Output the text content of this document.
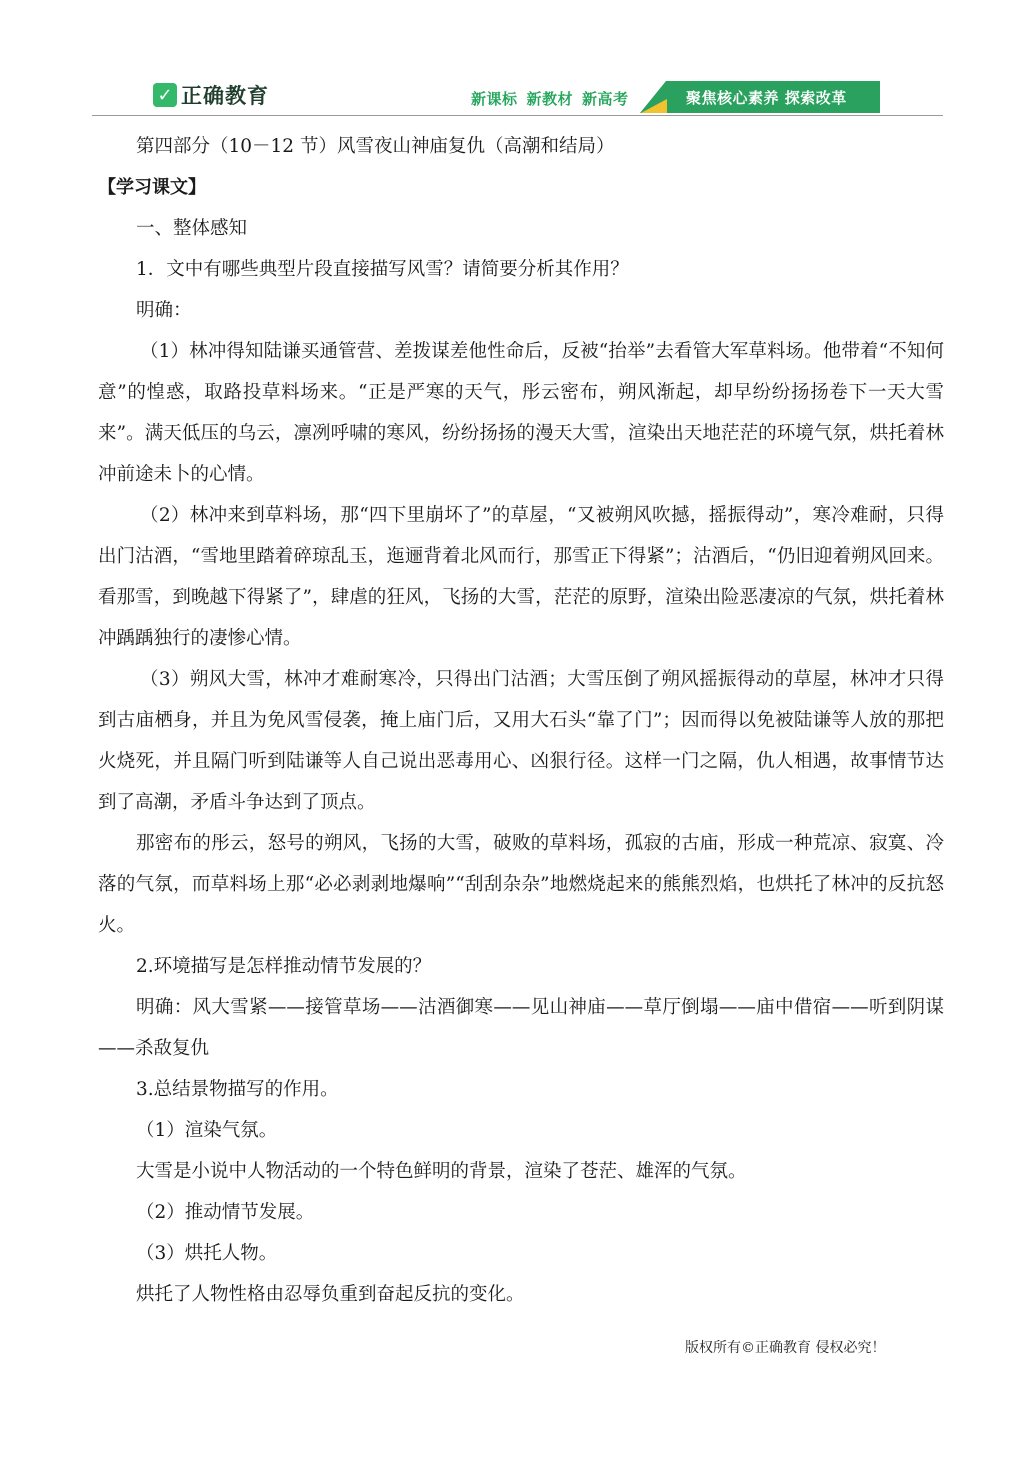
✓ 正确教育	新课标 新教材 新高考	聚焦核心素养 探索改革
第四部分（10－12 节）风雪夜山神庙复仇（高潮和结局）
【学习课文】
一、整体感知
1．文中有哪些典型片段直接描写风雪？请简要分析其作用？
明确：
（1）林冲得知陆谦买通管营、差拨谋差他性命后，反被“抬举”去看管大军草料场。他带着“不知何意”的惶惑，取路投草料场来。“正是严寒的天气，彤云密布，朔风渐起，却早纷纷扬扬卷下一天大雪来”。满天低压的乌云，凛冽呼啸的寒风，纷纷扬扬的漫天大雪，渲染出天地茫茫的环境气氛，烘托着林冲前途未卜的心情。
（2）林冲来到草料场，那“四下里崩坏了”的草屋，“又被朔风吹撼，摇振得动”，寒冷难耐，只得出门沽酒，“雪地里踏着碎琼乱玉，迤逦背着北风而行，那雪正下得紧”；沽酒后，“仍旧迎着朔风回来。看那雪，到晚越下得紧了”，肆虐的狂风，飞扬的大雪，茫茫的原野，渲染出险恶凄凉的气氛，烘托着林冲踽踽独行的凄惨心情。
（3）朔风大雪，林冲才难耐寒冷，只得出门沽酒；大雪压倒了朔风摇振得动的草屋，林冲才只得到古庙栖身，并且为免风雪侵袭，掩上庙门后，又用大石头“靠了门”；因而得以免被陆谦等人放的那把火烧死，并且隔门听到陆谦等人自己说出恶毒用心、凶狠行径。这样一门之隔，仇人相遇，故事情节达到了高潮，矛盾斗争达到了顶点。
那密布的彤云，怒号的朔风，飞扬的大雪，破败的草料场，孤寂的古庙，形成一种荒凉、寂寞、冷落的气氛，而草料场上那“必必剥剥地爆响”“刮刮杂杂”地燃烧起来的熊熊烈焰，也烘托了林冲的反抗怒火。
2.环境描写是怎样推动情节发展的？
明确：风大雪紧——接管草场——沽酒御寒——见山神庙——草厅倒塌——庙中借宿——听到阴谋——杀敌复仇
3.总结景物描写的作用。
（1）渲染气氛。
大雪是小说中人物活动的一个特色鲜明的背景，渲染了苍茫、雄浑的气氛。
（2）推动情节发展。
（3）烘托人物。
烘托了人物性格由忍辱负重到奋起反抗的变化。
版权所有©正确教育 侵权必究！
